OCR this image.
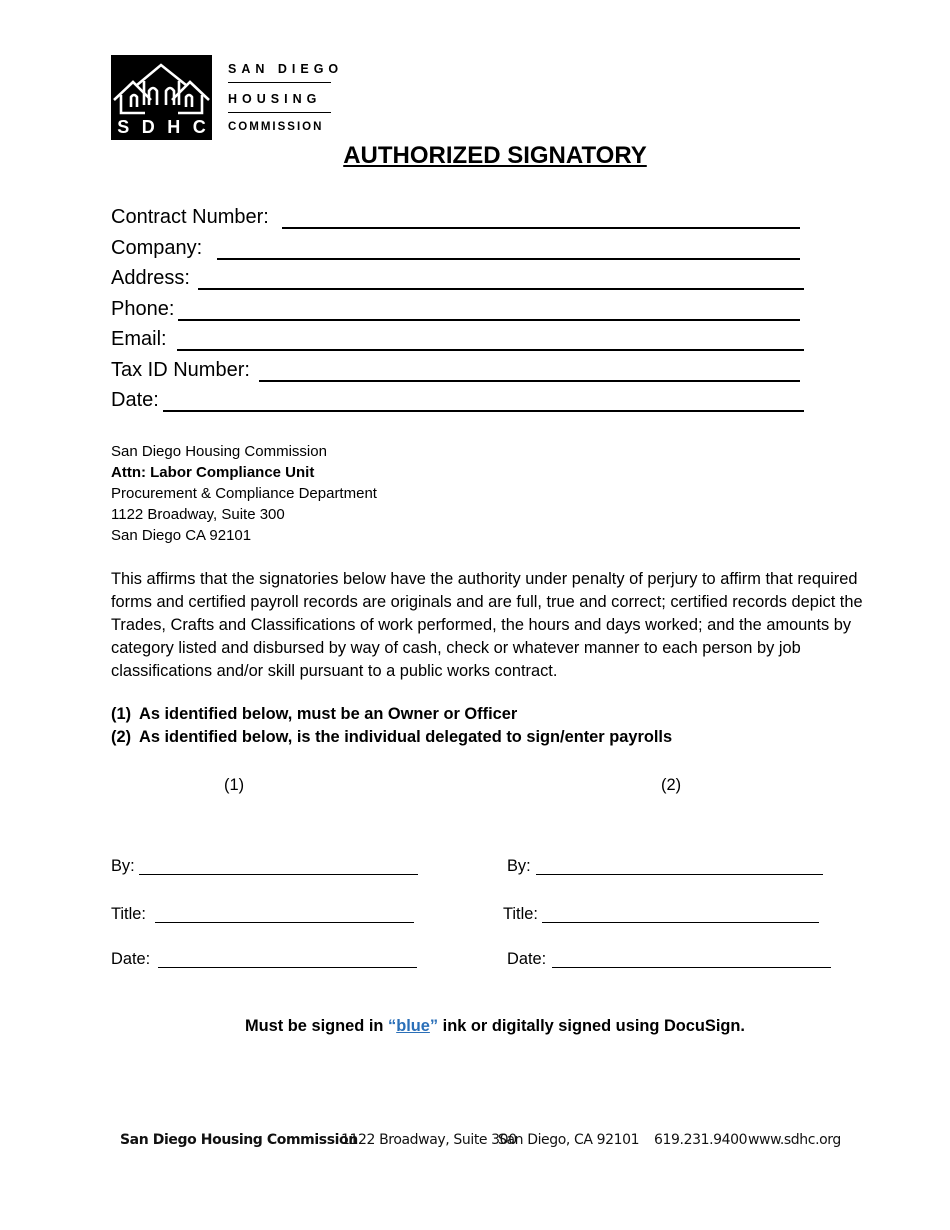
S D H C
SAN DIEGO
HOUSING
COMMISSION
AUTHORIZED SIGNATORY
Contract Number:
Company:
Address:
Phone:
Email:
Tax ID Number:
Date:
San Diego Housing Commission
Attn: Labor Compliance Unit
Procurement & Compliance Department
1122 Broadway, Suite 300
San Diego CA 92101
This affirms that the signatories below have the authority under penalty of perjury to affirm that required forms and certified payroll records are originals and are full, true and correct; certified records depict the Trades, Crafts and Classifications of work performed, the hours and days worked; and the amounts by category listed and disbursed by way of cash, check or whatever manner to each person by job classifications and/or skill pursuant to a public works contract.
(1) As identified below, must be an Owner or Officer
(2) As identified below, is the individual delegated to sign/enter payrolls
(1)	(2)
By:
Title:
Date:
By:
Title:
Date:
Must be signed in “blue” ink or digitally signed using DocuSign.
San Diego Housing Commission
1122 Broadway, Suite 300
San Diego, CA 92101 619.231.9400 www.sdhc.org
